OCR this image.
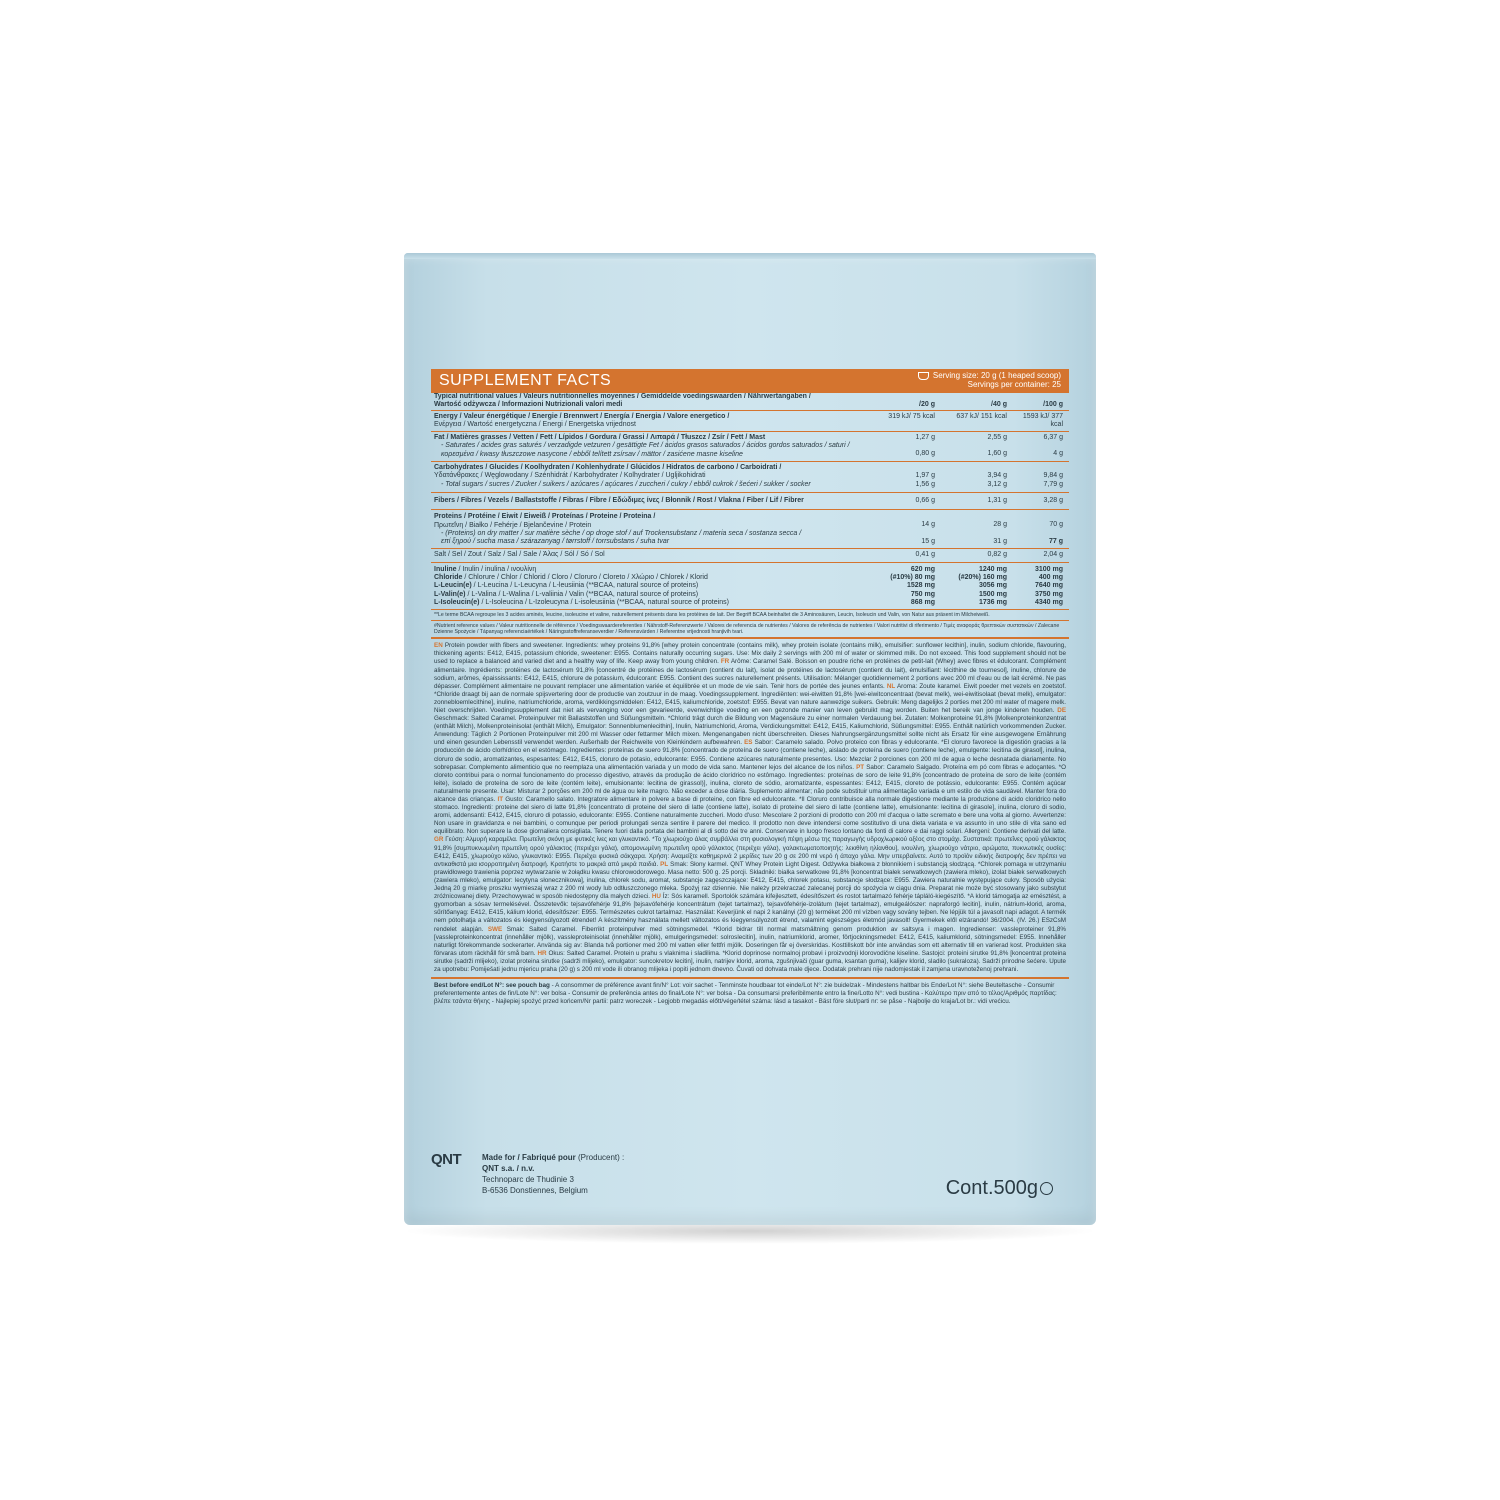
SUPPLEMENT FACTS	Serving size: 20 g (1 heaped scoop)
Servings per container: 25
Typical nutritional values / Valeurs nutritionnelles moyennes / Gemiddelde voedingswaarden / Nährwertangaben /
Wartość odżywcza / Informazioni Nutrizionali valori medi	/20 g	/40 g	/100 g
Energy / Valeur énergétique / Energie / Brennwert / Energía / Energia / Valore energetico /
Ενέργεια / Wartość energetyczna / Energi / Energetska vrijednost
319 kJ/ 75 kcal	637 kJ/ 151 kcal	1593 kJ/ 377 kcal
Fat / Matières grasses / Vetten / Fett / Lípidos / Gordura / Grassi / Λιπαρά / Tłuszcz / Zsír / Fett / Mast	1,27 g	2,55 g	6,37 g
- Saturates / acides gras saturés / verzadigde vetzuren / gesättigte Fet / ácidos grasos saturados / ácidos gordos saturados / saturi /
κορεσμένα / kwasy tłuszczowe nasycone / ebből telített zsírsav / mättor / zasićene masne kiseline	0,80 g	1,60 g	4 g
Carbohydrates / Glucides / Koolhydraten / Kohlenhydrate / Glúcidos / Hidratos de carbono / Carboidrati /
Υδατάνθρακες / Węglowodany / Szénhidrát / Karbohydrater / Kolhydrater / Ugljikohidrati	1,97 g	3,94 g	9,84 g
- Total sugars / sucres / Zucker / suikers / azúcares / açúcares / zuccheri / cukry / ebből cukrok / šećeri / sukker / socker	1,56 g	3,12 g	7,79 g
Fibers / Fibres / Vezels / Ballaststoffe / Fibras / Fibre / Εδώδιμες ίνες / Błonnik / Rost / Vlakna / Fiber / Lif / Fibrer	0,66 g	1,31 g	3,28 g
Proteins / Protéine / Eiwit / Eiweiß / Proteínas / Proteine / Proteina /
Πρωτεΐνη / Białko / Fehérje / Bjelančevine / Protein	14 g	28 g	70 g
- (Proteins) on dry matter / sur matière sèche / op droge stof / auf Trockensubstanz / materia seca / sostanza secca /
επί ξηρού / sucha masa / szárazanyag / tørrstoff / torrsubstans / suha tvar	15 g	31 g	77 g
Salt / Sel / Zout / Salz / Sal / Sale / Άλας / Sól / Só / Sol	0,41 g	0,82 g	2,04 g
Inuline / Inulin / inulina / ινουλίνη	620 mg	1240 mg	3100 mg
Chloride / Chlorure / Chlor / Chlorid / Cloro / Cloruro / Cloreto / Χλώριο / Chlorek / Klorid	(#10%) 80 mg	(#20%) 160 mg	400 mg
L-Leucin(e) / L-Leucina / L-Leucyna / L-leusiinia (**BCAA, natural source of proteins)	1528 mg	3056 mg	7640 mg
L-Valin(e) / L-Valina / L-Walina / L-valiinia / Valin (**BCAA, natural source of proteins)	750 mg	1500 mg	3750 mg
L-Isoleucin(e) / L-Isoleucina / L-Izoleucyna / L-isoleusiinia (**BCAA, natural source of proteins)	868 mg	1736 mg	4340 mg
**Le terme BCAA regroupe les 3 acides aminés, leucine, isoleucine et valine, naturellement présents dans les protéines de lait. Der Begriff BCAA beinhaltet die 3 Aminosäuren, Leucin, Isoleucin und Valin, von Natur aus präsent im Milcheiweiß.
#Nutrient reference values / Valeur nutritionnelle de référence / Voedingswaardereferenties / Nährstoff-Referenzwerte / Valores de referencia de nutrientes / Valores de referência de nutrientes / Valori nutritivi di riferimento / Τιμές αναφοράς θρεπτικών συστατικών / Zalecane Dzienne Spożycie / Tápanyag referenciaértékek / Näringsstoffreferanseverdier / Referensvärden / Referentne vrijednosti hranjivih tvari.
EN Protein powder with fibers and sweetener. Ingredients: whey proteins 91,8% [whey protein concentrate (contains milk), whey protein isolate (contains milk), emulsifier: sunflower lecithin], inulin, sodium chloride, flavouring, thickening agents: E412, E415, potassium chloride, sweetener: E955. Contains naturally occurring sugars. Use: Mix daily 2 servings with 200 ml of water or skimmed milk. Do not exceed. This food supplement should not be used to replace a balanced and varied diet and a healthy way of life. Keep away from young children. FR Arôme: Caramel Salé. Boisson en poudre riche en protéines de petit-lait (Whey) avec fibres et édulcorant. Complément alimentaire. Ingrédients: protéines de lactosérum 91,8% [concentré de protéines de lactosérum (contient du lait), isolat de protéines de lactosérum (contient du lait), émulsifiant: lécithine de tournesol], inuline, chlorure de sodium, arômes, épaississants: E412, E415, chlorure de potassium, édulcorant: E955. Contient des sucres naturellement présents. Utilisation: Mélanger quotidiennement 2 portions avec 200 ml d'eau ou de lait écrémé. Ne pas dépasser. Complément alimentaire ne pouvant remplacer une alimentation variée et équilibrée et un mode de vie sain. Tenir hors de portée des jeunes enfants. NL Aroma: Zoute karamel. Eiwit poeder met vezels en zoetstof. *Chloride draagt bij aan de normale spijsvertering door de productie van zoutzuur in de maag. Voedingssupplement. Ingrediënten: wei-eiwitten 91,8% [wei-eiwitconcentraat (bevat melk), wei-eiwitisolaat (bevat melk), emulgator: zonnebloemlecithine], inuline, natriumchloride, aroma, verdikkingsmiddelen: E412, E415, kaliumchloride, zoetstof: E955. Bevat van nature aanwezige suikers. Gebruik: Meng dagelijks 2 porties met 200 ml water of magere melk. Niet overschrijden. Voedingssupplement dat niet als vervanging voor een gevarieerde, evenwichtige voeding en een gezonde manier van leven gebruikt mag worden. Buiten het bereik van jonge kinderen houden. DE Geschmack: Salted Caramel. Proteinpulver mit Ballaststoffen und Süßungsmitteln. *Chlorid trägt durch die Bildung von Magensäure zu einer normalen Verdauung bei. Zutaten: Molkenproteine 91,8% [Molkenproteinkonzentrat (enthält Milch), Molkenproteinisolat (enthält Milch), Emulgator: Sonnenblumenlecithin], Inulin, Natriumchlorid, Aroma, Verdickungsmittel: E412, E415, Kaliumchlorid, Süßungsmittel: E955. Enthält natürlich vorkommenden Zucker. Anwendung: Täglich 2 Portionen Proteinpulver mit 200 ml Wasser oder fettarmer Milch mixen. Mengenangaben nicht überschreiten. Dieses Nahrungsergänzungsmittel sollte nicht als Ersatz für eine ausgewogene Ernährung und einen gesunden Lebensstil verwendet werden. Außerhalb der Reichweite von Kleinkindern aufbewahren. ES Sabor: Caramelo salado. Polvo proteico con fibras y edulcorante. *El cloruro favorece la digestión gracias a la producción de ácido clorhídrico en el estómago. Ingredientes: proteínas de suero 91,8% [concentrado de proteína de suero (contiene leche), aislado de proteína de suero (contiene leche), emulgente: lecitina de girasol], inulina, cloruro de sodio, aromatizantes, espesantes: E412, E415, cloruro de potasio, edulcorante: E955. Contiene azúcares naturalmente presentes. Uso: Mezclar 2 porciones con 200 ml de agua o leche desnatada diariamente. No sobrepasar. Complemento alimenticio que no reemplaza una alimentación variada y un modo de vida sano. Mantener lejos del alcance de los niños. PT Sabor: Caramelo Salgado. Proteína em pó com fibras e adoçantes. *O cloreto contribui para o normal funcionamento do processo digestivo, através da produção de ácido clorídrico no estômago. Ingredientes: proteínas de soro de leite 91,8% [concentrado de proteína de soro de leite (contém leite), isolado de proteína de soro de leite (contém leite), emulsionante: lecitina de girassol)], inulina, cloreto de sódio, aromatizante, espessantes: E412, E415, cloreto de potássio, edulcorante: E955. Contém açúcar naturalmente presente. Usar: Misturar 2 porções em 200 ml de água ou leite magro. Não exceder a dose diária. Suplemento alimentar; não pode substituir uma alimentação variada e um estilo de vida saudável. Manter fora do alcance das crianças. IT Gusto: Caramello salato. Integratore alimentare in polvere a base di proteine, con fibre ed edulcorante. *Il Cloruro contribuisce alla normale digestione mediante la produzione di acido cloridrico nello stomaco. Ingredienti: proteine del siero di latte 91,8% [concentrato di proteine del siero di latte (contiene latte), isolato di proteine del siero di latte (contiene latte), emulsionante: lecitina di girasole], inulina, cloruro di sodio, aromi, addensanti: E412, E415, cloruro di potassio, edulcorante: E955. Contiene naturalmente zuccheri. Modo d'uso: Mescolare 2 porzioni di prodotto con 200 ml d'acqua o latte scremato e bere una volta al giorno. Avvertenze: Non usare in gravidanza e nei bambini, o comunque per periodi prolungati senza sentire il parere del medico. Il prodotto non deve intendersi come sostitutivo di una dieta variata e va assunto in uno stile di vita sano ed equilibrato. Non superare la dose giornaliera consigliata. Tenere fuori dalla portata dei bambini al di sotto dei tre anni. Conservare in luogo fresco lontano da fonti di calore e dai raggi solari. Allergeni: Contiene derivati del latte. GR Γεύση: Αλμυρή καραμέλα. Πρωτεΐνη σκόνη με φυτικές ίνες και γλυκαντικό. *Το χλωριούχο άλας συμβάλλει στη φυσιολογική πέψη μέσω της παραγωγής υδροχλωρικού οξέος στο στομάχι. Συστατικά: πρωτεΐνες ορού γάλακτος 91,8% [συμπυκνωμένη πρωτεΐνη ορού γάλακτος (περιέχει γάλα), απομονωμένη πρωτεΐνη ορού γάλακτος (περιέχει γάλα), γαλακτωματοποιητής: λεκιθίνη ηλίανθου], ινουλίνη, χλωριούχο νάτριο, αρώματα, πυκνωτικές ουσίες: E412, E415, χλωριούχο κάλιο, γλυκαντικό: E955. Περιέχει φυσικά σάκχαρα. Χρήση: Αναμείξτε καθημερινά 2 μερίδες των 20 g σε 200 ml νερό ή άπαχο γάλα. Μην υπερβαίνετε. Αυτό το προϊόν ειδικής διατροφής δεν πρέπει να αντικαθιστά μια ισορροπημένη διατροφή. Κρατήστε το μακριά από μικρά παιδιά. PL Smak: Słony karmel. QNT Whey Protein Light Digest. Odżywka białkowa z błonnikiem i substancją słodzącą. *Chlorek pomaga w utrzymaniu prawidłowego trawienia poprzez wytwarzanie w żołądku kwasu chlorowodorowego. Masa netto: 500 g. 25 porcji. Składniki: białka serwatkowe 91,8% [koncentrat białek serwatkowych (zawiera mleko), izolat białek serwatkowych (zawiera mleko), emulgator: lecytyna słonecznikowa], inulina, chlorek sodu, aromat, substancje zagęszczające: E412, E415, chlorek potasu, substancje słodzące: E955. Zawiera naturalnie występujące cukry. Sposób użycia: Jedną 20 g miarkę proszku wymieszaj wraz z 200 ml wody lub odtłuszczonego mleka. Spożyj raz dziennie. Nie należy przekraczać zalecanej porcji do spożycia w ciągu dnia. Preparat nie może być stosowany jako substytut zróżnicowanej diety. Przechowywać w sposób niedostępny dla małych dzieci. HU Íz: Sós karamell. Sportolók számára kifejlesztett, édesítőszert és rostot tartalmazó fehérje tápláló-kiegészítő. *A klorid támogatja az emésztést, a gyomorban a sósav termelésével. Összetevők: tejsavófehérje 91,8% [tejsavófehérje koncentrátum (tejet tartalmaz), tejsavófehérje-izolátum (tejet tartalmaz), emulgeálószer: napraforgó lecitin], inulin, nátrium-klorid, aroma, sűrítőanyag: E412, E415, kálium klorid, édesítőszer: E955. Természetes cukrot tartalmaz. Használat: Keverjünk el napi 2 kanálnyi (20 g) terméket 200 ml vízben vagy sovány tejben. Ne lépjük túl a javasolt napi adagot. A termék nem pótolhatja a változatos és kiegyensúlyozott étrendet! A készítmény használata mellett változatos és kiegyensúlyozott étrend, valamint egészséges életmód javasolt! Gyermekek elől elzárandó! 36/2004. (IV. 26.) ESzCsM rendelet alapján. SWE Smak: Salted Caramel. Fiberrikt proteinpulver med sötningsmedel. *Klorid bidrar till normal matsmältning genom produktion av saltsyra i magen. Ingredienser: vassleproteiner 91,8% [vassleproteinkoncentrat (innehåller mjölk), vassleproteinisolat (innehåller mjölk), emulgeringsmedel: solroslecitin], inulin, natriumklorid, aromer, förtjockningsmedel: E412, E415, kaliumklorid, sötningsmedel: E955. Innehåller naturligt förekommande sockerarter. Använda sig av: Blanda två portioner med 200 ml vatten eller fettfri mjölk. Doseringen får ej överskridas. Kosttillskott bör inte användas som ett alternativ till en varierad kost. Produkten ska förvaras utom räckhåll för små barn. HR Okus: Salted Caramel. Protein u prahu s vlaknima i sladilima. *Klorid doprinose normalnoj probavi i proizvodnji klorovodične kiseline. Sastojci: proteini sirutke 91,8% [koncentrat proteina sirutke (sadrži mlijeko), izolat proteina sirutke (sadrži mlijeko), emulgator: suncokretov lecitin], inulin, natrijev klorid, aroma, zgušnjivači (guar guma, ksantan guma), kalijev klorid, sladilo (sukraloza). Sadrži prirodne šećere. Upute za upotrebu: Pomiješati jednu mjericu praha (20 g) s 200 ml vode ili obranog mlijeka i popiti jednom dnevno. Čuvati od dohvata male djece. Dodatak prehrani nije nadomjestak il zamjena uravnoteženoj prehrani.
Best before end/Lot N°: see pouch bag - A consommer de préférence avant fin/N° Lot: voir sachet - Tenminste houdbaar tot einde/Lot N°: zie buidelzak - Mindestens haltbar bis Ende/Lot N°: siehe Beuteltasche - Consumir preferentemente antes de fin/Lote N°: ver bolsa - Consumir de preferência antes do final/Lote N°: ver bolsa - Da consumarsi preferibilmente entro la fine/Lotto N°: vedi bustina - Καλύτερο πριν από το τέλος/Αριθμός παρτίδας: βλέπε τσάντα θήκης - Najlepiej spożyć przed końcem/Nr partii: patrz woreczek - Legjobb megadás előtt/vége/tétel száma: lásd a tasakot - Bäst före slut/parti nr: se påse - Najbolje do kraja/Lot br.: vidi vrećicu.
QNT	Made for / Fabriqué pour (Producent) :
QNT s.a. / n.v.
Technoparc de Thudinie 3
B-6536 Donstiennes, Belgium	Cont.500g
